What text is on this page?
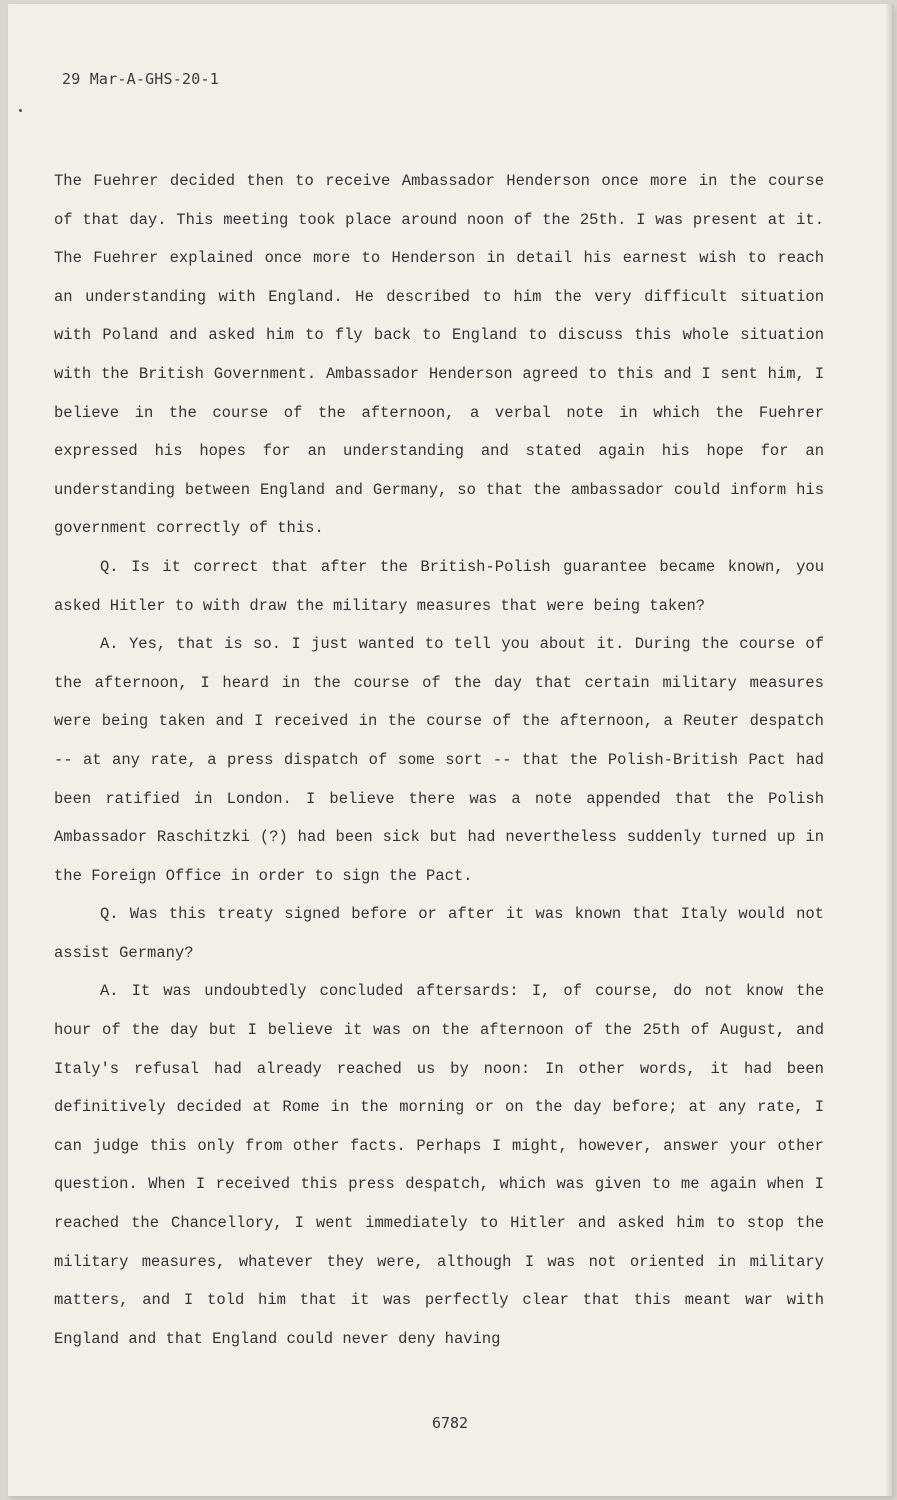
29 Mar-A-GHS-20-1

The Fuehrer decided then to receive Ambassador Henderson once more in the course of that day. This meeting took place around noon of the 25th. I was present at it. The Fuehrer explained once more to Henderson in detail his earnest wish to reach an understanding with England. He described to him the very difficult situation with Poland and asked him to fly back to England to discuss this whole situation with the British Government. Ambassador Henderson agreed to this and I sent him, I believe in the course of the afternoon, a verbal note in which the Fuehrer expressed his hopes for an understanding and stated again his hope for an understanding between England and Germany, so that the ambassador could inform his government correctly of this.

Q. Is it correct that after the British-Polish guarantee became known, you asked Hitler to with draw the military measures that were being taken?

A. Yes, that is so. I just wanted to tell you about it. During the course of the afternoon, I heard in the course of the day that certain military measures were being taken and I received in the course of the afternoon, a Reuter despatch -- at any rate, a press dispatch of some sort -- that the Polish-British Pact had been ratified in London. I believe there was a note appended that the Polish Ambassador Raschitzki (?) had been sick but had nevertheless suddenly turned up in the Foreign Office in order to sign the Pact.

Q. Was this treaty signed before or after it was known that Italy would not assist Germany?

A. It was undoubtedly concluded aftersards: I, of course, do not know the hour of the day but I believe it was on the afternoon of the 25th of August, and Italy's refusal had already reached us by noon: In other words, it had been definitively decided at Rome in the morning or on the day before; at any rate, I can judge this only from other facts. Perhaps I might, however, answer your other question. When I received this press despatch, which was given to me again when I reached the Chancellory, I went immediately to Hitler and asked him to stop the military measures, whatever they were, although I was not oriented in military matters, and I told him that it was perfectly clear that this meant war with England and that England could never deny having

6782
